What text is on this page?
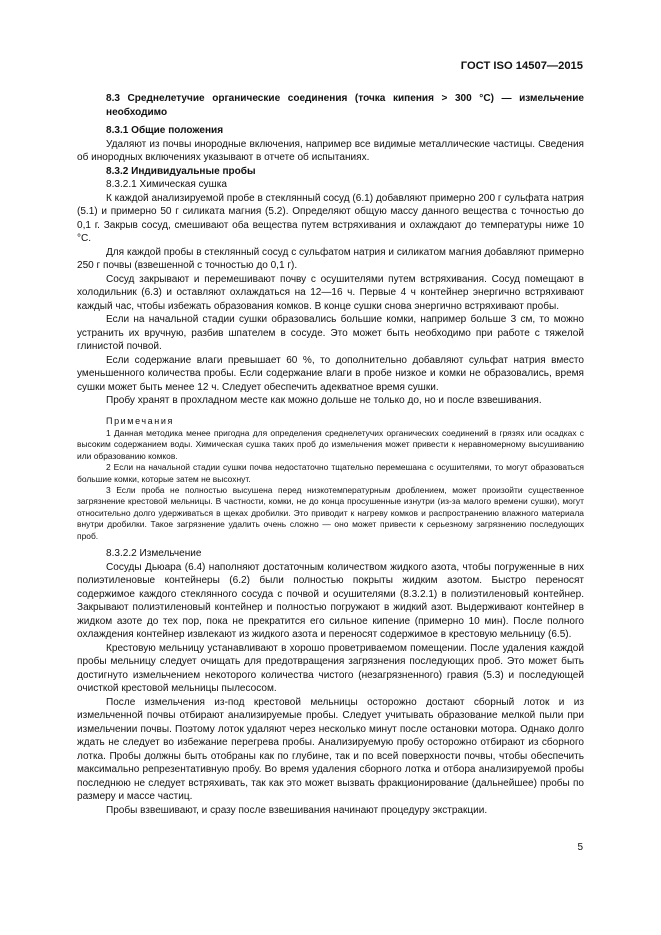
ГОСТ ISO 14507—2015

8.3 Среднелетучие органические соединения (точка кипения > 300 °С) — измельчение необходимо

8.3.1 Общие положения

Удаляют из почвы инородные включения, например все видимые металлические частицы. Сведения об инородных включениях указывают в отчете об испытаниях.

8.3.2 Индивидуальные пробы

8.3.2.1 Химическая сушка

К каждой анализируемой пробе в стеклянный сосуд (6.1) добавляют примерно 200 г сульфата натрия (5.1) и примерно 50 г силиката магния (5.2). Определяют общую массу данного вещества с точностью до 0,1 г. Закрыв сосуд, смешивают оба вещества путем встряхивания и охлаждают до температуры ниже 10 °С.

Для каждой пробы в стеклянный сосуд с сульфатом натрия и силикатом магния добавляют примерно 250 г почвы (взвешенной с точностью до 0,1 г).

Сосуд закрывают и перемешивают почву с осушителями путем встряхивания. Сосуд помещают в холодильник (6.3) и оставляют охлаждаться на 12—16 ч. Первые 4 ч контейнер энергично встряхивают каждый час, чтобы избежать образования комков. В конце сушки снова энергично встряхивают пробы.

Если на начальной стадии сушки образовались большие комки, например больше 3 см, то можно устранить их вручную, разбив шпателем в сосуде. Это может быть необходимо при работе с тяжелой глинистой почвой.

Если содержание влаги превышает 60 %, то дополнительно добавляют сульфат натрия вместо уменьшенного количества пробы. Если содержание влаги в пробе низкое и комки не образовались, время сушки может быть менее 12 ч. Следует обеспечить адекватное время сушки.

Пробу хранят в прохладном месте как можно дольше не только до, но и после взвешивания.

Примечания

1 Данная методика менее пригодна для определения среднелетучих органических соединений в грязях или осадках с высоким содержанием воды. Химическая сушка таких проб до измельчения может привести к неравномерному высушиванию или образованию комков.

2 Если на начальной стадии сушки почва недостаточно тщательно перемешана с осушителями, то могут образоваться большие комки, которые затем не высохнут.

3 Если проба не полностью высушена перед низкотемпературным дроблением, может произойти существенное загрязнение крестовой мельницы. В частности, комки, не до конца просушенные изнутри (из-за малого времени сушки), могут относительно долго удерживаться в щеках дробилки. Это приводит к нагреву комков и распространению влажного материала внутри дробилки. Такое загрязнение удалить очень сложно — оно может привести к серьезному загрязнению последующих проб.

8.3.2.2 Измельчение

Сосуды Дьюара (6.4) наполняют достаточным количеством жидкого азота, чтобы погруженные в них полиэтиленовые контейнеры (6.2) были полностью покрыты жидким азотом. Быстро переносят содержимое каждого стеклянного сосуда с почвой и осушителями (8.3.2.1) в полиэтиленовый контейнер. Закрывают полиэтиленовый контейнер и полностью погружают в жидкий азот. Выдерживают контейнер в жидком азоте до тех пор, пока не прекратится его сильное кипение (примерно 10 мин). После полного охлаждения контейнер извлекают из жидкого азота и переносят содержимое в крестовую мельницу (6.5).

Крестовую мельницу устанавливают в хорошо проветриваемом помещении. После удаления каждой пробы мельницу следует очищать для предотвращения загрязнения последующих проб. Это может быть достигнуто измельчением некоторого количества чистого (незагрязненного) гравия (5.3) и последующей очисткой крестовой мельницы пылесосом.

После измельчения из-под крестовой мельницы осторожно достают сборный лоток и из измельченной почвы отбирают анализируемые пробы. Следует учитывать образование мелкой пыли при измельчении почвы. Поэтому лоток удаляют через несколько минут после остановки мотора. Однако долго ждать не следует во избежание перегрева пробы. Анализируемую пробу осторожно отбирают из сборного лотка. Пробы должны быть отобраны как по глубине, так и по всей поверхности почвы, чтобы обеспечить максимально репрезентативную пробу. Во время удаления сборного лотка и отбора анализируемой пробы последнюю не следует встряхивать, так как это может вызвать фракционирование (дальнейшее) пробы по размеру и массе частиц.

Пробы взвешивают, и сразу после взвешивания начинают процедуру экстракции.

5
